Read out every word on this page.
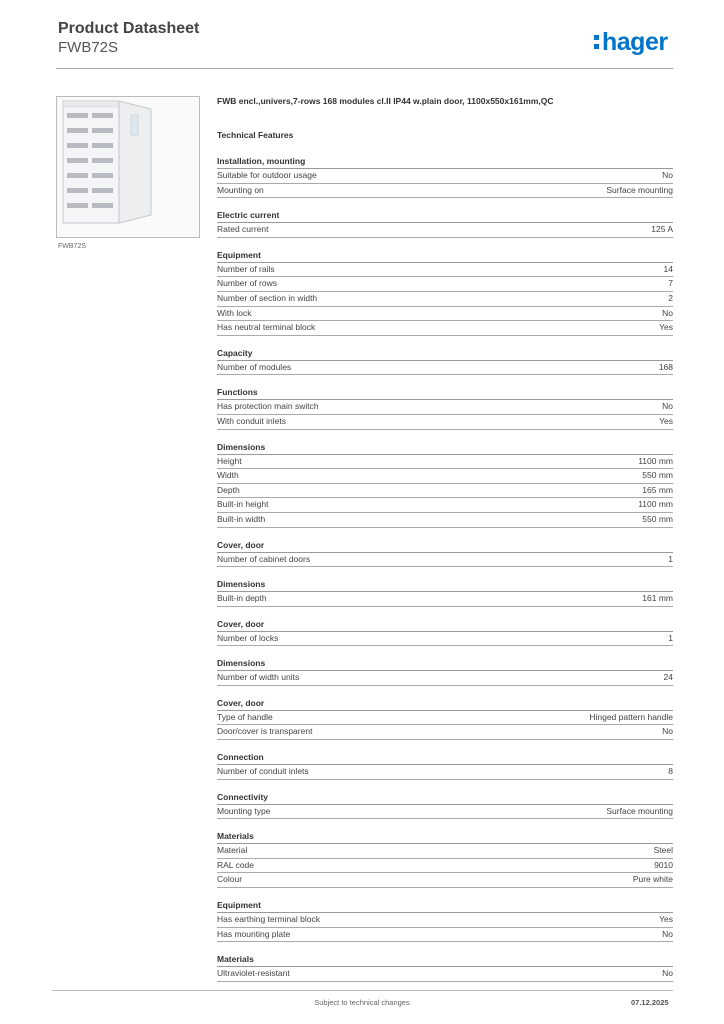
Product Datasheet
FWB72S	hager
FWB72S
FWB encl.,univers,7-rows 168 modules cl.II IP44 w.plain door, 1100x550x161mm,QC
Technical Features
Installation, mounting
Suitable for outdoor usage	No
Mounting on	Surface mounting
Electric current
Rated current	125 A
Equipment
Number of rails	14
Number of rows	7
Number of section in width	2
With lock	No
Has neutral terminal block	Yes
Capacity
Number of modules	168
Functions
Has protection main switch	No
With conduit inlets	Yes
Dimensions
Height	1100 mm
Width	550 mm
Depth	165 mm
Built-in height	1100 mm
Built-in width	550 mm
Cover, door
Number of cabinet doors	1
Dimensions
Built-in depth	161 mm
Cover, door
Number of locks	1
Dimensions
Number of width units	24
Cover, door
Type of handle	Hinged pattern handle
Door/cover is transparent	No
Connection
Number of conduit inlets	8
Connectivity
Mounting type	Surface mounting
Materials
Material	Steel
RAL code	9010
Colour	Pure white
Equipment
Has earthing terminal block	Yes
Has mounting plate	No
Materials
Ultraviolet-resistant	No
Subject to technical changes	07.12.2025
